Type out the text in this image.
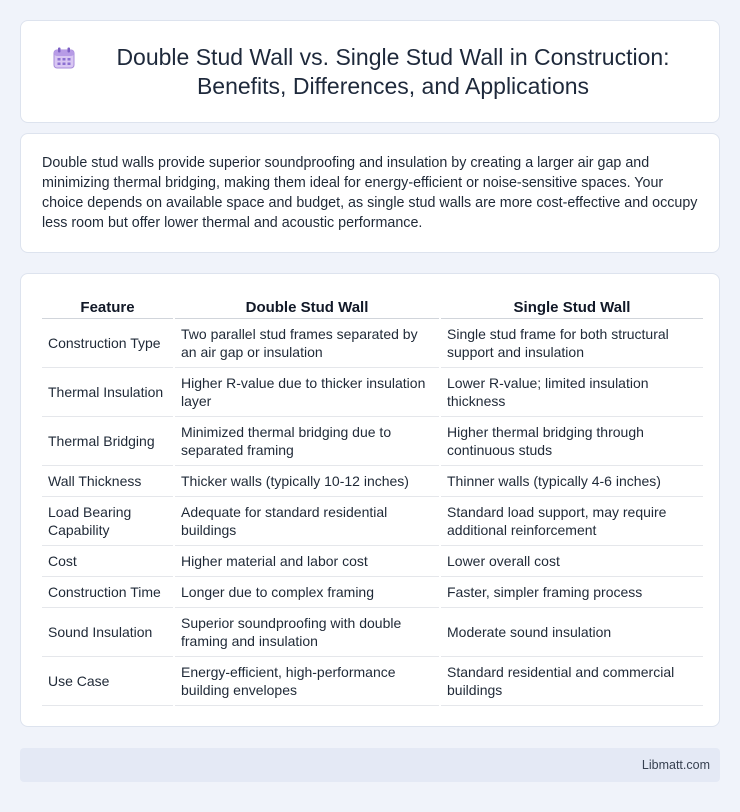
Double Stud Wall vs. Single Stud Wall in Construction: Benefits, Differences, and Applications

Double stud walls provide superior soundproofing and insulation by creating a larger air gap and minimizing thermal bridging, making them ideal for energy-efficient or noise-sensitive spaces. Your choice depends on available space and budget, as single stud walls are more cost-effective and occupy less room but offer lower thermal and acoustic performance.

Feature	Double Stud Wall	Single Stud Wall
Construction Type	Two parallel stud frames separated by an air gap or insulation	Single stud frame for both structural support and insulation
Thermal Insulation	Higher R-value due to thicker insulation layer	Lower R-value; limited insulation thickness
Thermal Bridging	Minimized thermal bridging due to separated framing	Higher thermal bridging through continuous studs
Wall Thickness	Thicker walls (typically 10-12 inches)	Thinner walls (typically 4-6 inches)
Load Bearing Capability	Adequate for standard residential buildings	Standard load support, may require additional reinforcement
Cost	Higher material and labor cost	Lower overall cost
Construction Time	Longer due to complex framing	Faster, simpler framing process
Sound Insulation	Superior soundproofing with double framing and insulation	Moderate sound insulation
Use Case	Energy-efficient, high-performance building envelopes	Standard residential and commercial buildings
Libmatt.com
